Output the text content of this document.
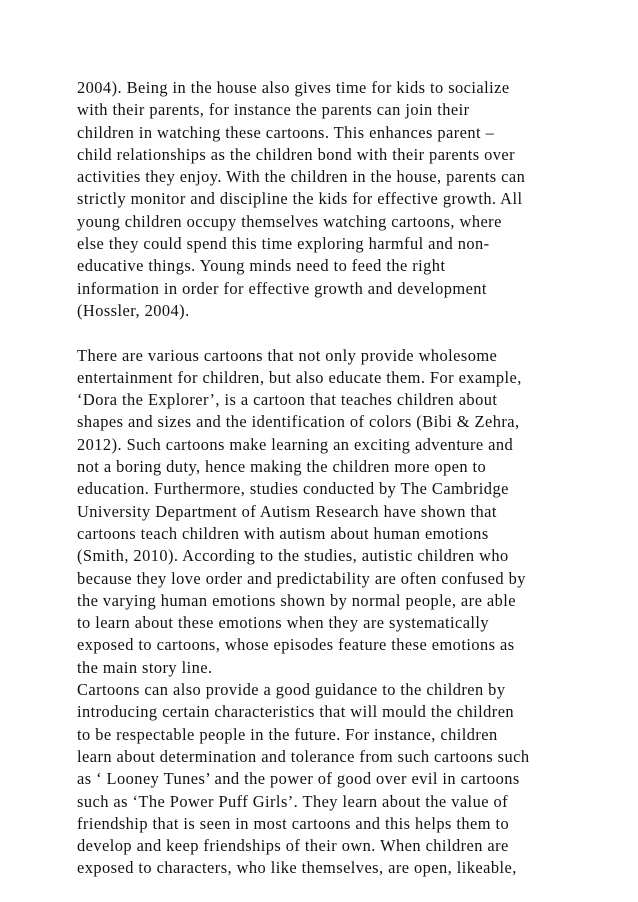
2004). Being in the house also gives time for kids to socialize
with their parents, for instance the parents can join their
children in watching these cartoons. This enhances parent –
child relationships as the children bond with their parents over
activities they enjoy. With the children in the house, parents can
strictly monitor and discipline the kids for effective growth. All
young children occupy themselves watching cartoons, where
else they could spend this time exploring harmful and non-
educative things. Young minds need to feed the right
information in order for effective growth and development
(Hossler, 2004).
There are various cartoons that not only provide wholesome
entertainment for children, but also educate them. For example,
‘Dora the Explorer’, is a cartoon that teaches children about
shapes and sizes and the identification of colors (Bibi & Zehra,
2012). Such cartoons make learning an exciting adventure and
not a boring duty, hence making the children more open to
education. Furthermore, studies conducted by The Cambridge
University Department of Autism Research have shown that
cartoons teach children with autism about human emotions
(Smith, 2010). According to the studies, autistic children who
because they love order and predictability are often confused by
the varying human emotions shown by normal people, are able
to learn about these emotions when they are systematically
exposed to cartoons, whose episodes feature these emotions as
the main story line.
Cartoons can also provide a good guidance to the children by
introducing certain characteristics that will mould the children
to be respectable people in the future. For instance, children
learn about determination and tolerance from such cartoons such
as ‘ Looney Tunes’ and the power of good over evil in cartoons
such as ‘The Power Puff Girls’. They learn about the value of
friendship that is seen in most cartoons and this helps them to
develop and keep friendships of their own. When children are
exposed to characters, who like themselves, are open, likeable,
